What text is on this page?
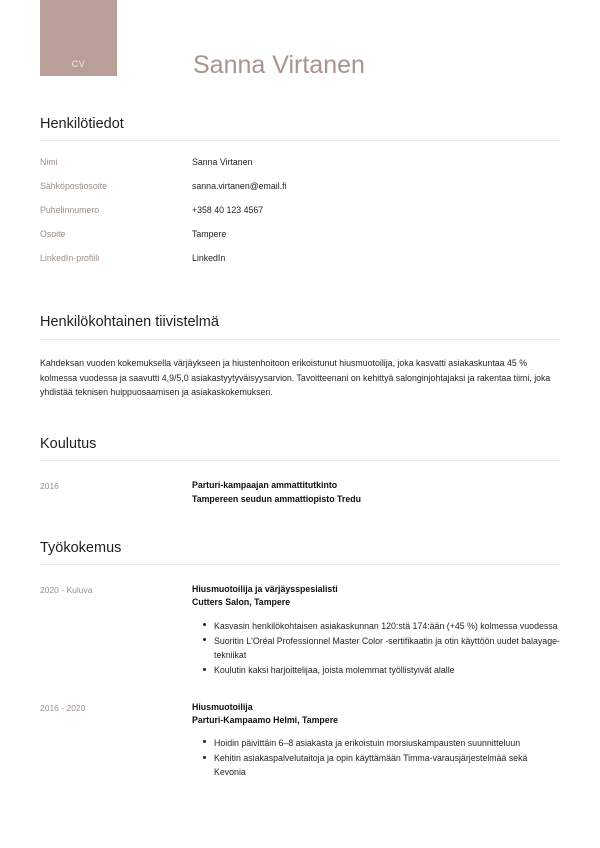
CV	Sanna Virtanen
Henkilötiedot
Nimi	Sanna Virtanen
Sähköpostiosoite	sanna.virtanen@email.fi
Puhelinnumero	+358 40 123 4567
Osoite	Tampere
LinkedIn-profiili	LinkedIn
Henkilökohtainen tiivistelmä

Kahdeksan vuoden kokemuksella värjäykseen ja hiustenhoitoon erikoistunut hiusmuotoilija, joka kasvatti asiakaskuntaa 45 % kolmessa vuodessa ja saavutti 4,9/5,0 asiakastyytyväisyysarvion. Tavoitteenani on kehittyä salonginjohtajaksi ja rakentaa tiimi, joka yhdistää teknisen huippuosaamisen ja asiakaskokemuksen.

Koulutus
2016	Parturi-kampaajan ammattitutkinto
Tampereen seudun ammattiopisto Tredu
Työkokemus
2020 - Kuluva	Hiusmuotoilija ja värjäysspesialisti
Cutters Salon, Tampere
Kasvasin henkilökohtaisen asiakaskunnan 120:stä 174:ään (+45 %) kolmessa vuodessa
Suoritin L'Oréal Professionnel Master Color -sertifikaatin ja otin käyttöön uudet balayage-tekniikat
Koulutin kaksi harjoittelijaa, joista molemmat työllistyivät alalle
2016 - 2020	Hiusmuotoilija
Parturi-Kampaamo Helmi, Tampere
Hoidin päivittäin 6–8 asiakasta ja erikoistuin morsiuskampausten suunnitteluun
Kehitin asiakaspalvelutaitoja ja opin käyttämään Timma-varausjärjestelmää sekä Kevonia
